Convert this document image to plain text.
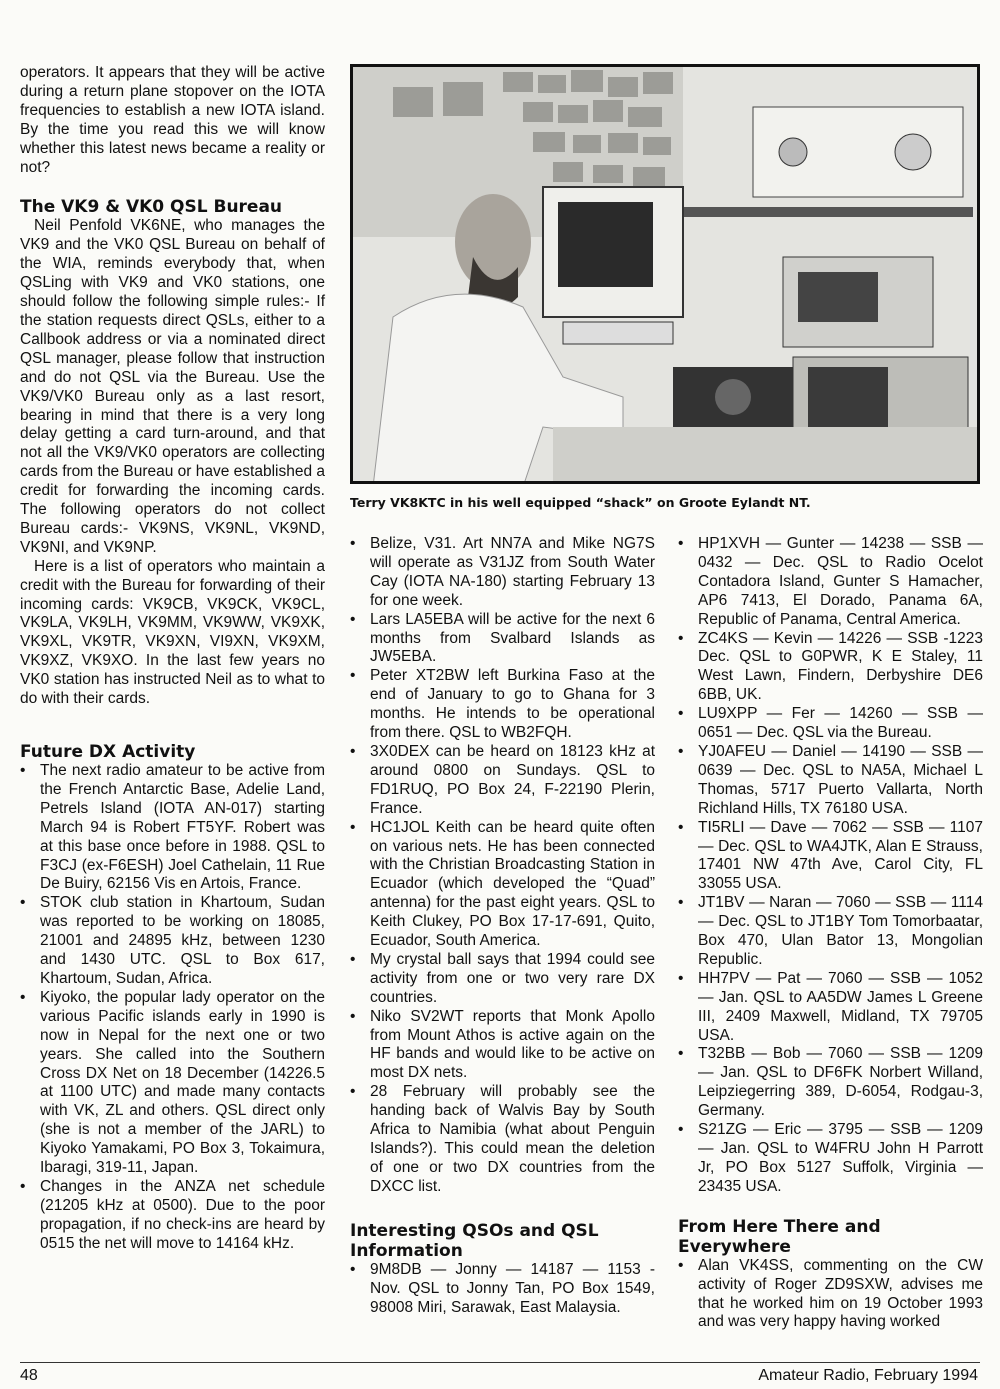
operators. It appears that they will be active during a return plane stopover on the IOTA frequencies to establish a new IOTA island. By the time you read this we will know whether this latest news became a reality or not?

The VK9 & VK0 QSL Bureau

Neil Penfold VK6NE, who manages the VK9 and the VK0 QSL Bureau on behalf of the WIA, reminds everybody that, when QSLing with VK9 and VK0 stations, one should follow the following simple rules:- If the station requests direct QSLs, either to a Callbook address or via a nominated direct QSL manager, please follow that instruction and do not QSL via the Bureau. Use the VK9/VK0 Bureau only as a last resort, bearing in mind that there is a very long delay getting a card turn-around, and that not all the VK9/VK0 operators are collecting cards from the Bureau or have established a credit for forwarding the incoming cards. The following operators do not collect Bureau cards:- VK9NS, VK9NL, VK9ND, VK9NI, and VK9NP.

Here is a list of operators who maintain a credit with the Bureau for forwarding of their incoming cards: VK9CB, VK9CK, VK9CL, VK9LA, VK9LH, VK9MM, VK9WW, VK9XK, VK9XL, VK9TR, VK9XN, VI9XN, VK9XM, VK9XZ, VK9XO. In the last few years no VK0 station has instructed Neil as to what to do with their cards.

Future DX Activity
• The next radio amateur to be active from the French Antarctic Base, Adelie Land, Petrels Island (IOTA AN-017) starting March 94 is Robert FT5YF. Robert was at this base once before in 1988. QSL to F3CJ (ex-F6ESH) Joel Cathelain, 11 Rue De Buiry, 62156 Vis en Artois, France.
• STOK club station in Khartoum, Sudan was reported to be working on 18085, 21001 and 24895 kHz, between 1230 and 1430 UTC. QSL to Box 617, Khartoum, Sudan, Africa.
• Kiyoko, the popular lady operator on the various Pacific islands early in 1990 is now in Nepal for the next one or two years. She called into the Southern Cross DX Net on 18 December (14226.5 at 1100 UTC) and made many contacts with VK, ZL and others. QSL direct only (she is not a member of the JARL) to Kiyoko Yamakami, PO Box 3, Tokaimura, Ibaragi, 319-11, Japan.
• Changes in the ANZA net schedule (21205 kHz at 0500). Due to the poor propagation, if no check-ins are heard by 0515 the net will move to 14164 kHz.
Terry VK8KTC in his well equipped “shack” on Groote Eylandt NT.
• Belize, V31. Art NN7A and Mike NG7S will operate as V31JZ from South Water Cay (IOTA NA-180) starting February 13 for one week.
• Lars LA5EBA will be active for the next 6 months from Svalbard Islands as JW5EBA.
• Peter XT2BW left Burkina Faso at the end of January to go to Ghana for 3 months. He intends to be operational from there. QSL to WB2FQH.
• 3X0DEX can be heard on 18123 kHz at around 0800 on Sundays. QSL to FD1RUQ, PO Box 24, F-22190 Plerin, France.
• HC1JOL Keith can be heard quite often on various nets. He has been connected with the Christian Broadcasting Station in Ecuador (which developed the “Quad” antenna) for the past eight years. QSL to Keith Clukey, PO Box 17-17-691, Quito, Ecuador, South America.
• My crystal ball says that 1994 could see activity from one or two very rare DX countries.
• Niko SV2WT reports that Monk Apollo from Mount Athos is active again on the HF bands and would like to be active on most DX nets.
• 28 February will probably see the handing back of Walvis Bay by South Africa to Namibia (what about Penguin Islands?). This could mean the deletion of one or two DX countries from the DXCC list.
Interesting QSOs and QSL Information
• 9M8DB — Jonny — 14187 — 1153 - Nov. QSL to Jonny Tan, PO Box 1549, 98008 Miri, Sarawak, East Malaysia.
• HP1XVH — Gunter — 14238 — SSB — 0432 — Dec. QSL to Radio Ocelot Contadora Island, Gunter S Hamacher, AP6 7413, El Dorado, Panama 6A, Republic of Panama, Central America.
• ZC4KS — Kevin — 14226 — SSB -1223 Dec. QSL to G0PWR, K E Staley, 11 West Lawn, Findern, Derbyshire DE6 6BB, UK.
• LU9XPP — Fer — 14260 — SSB — 0651 — Dec. QSL via the Bureau.
• YJ0AFEU — Daniel — 14190 — SSB — 0639 — Dec. QSL to NA5A, Michael L Thomas, 5717 Puerto Vallarta, North Richland Hills, TX 76180 USA.
• TI5RLI — Dave — 7062 — SSB — 1107 — Dec. QSL to WA4JTK, Alan E Strauss, 17401 NW 47th Ave, Carol City, FL 33055 USA.
• JT1BV — Naran — 7060 — SSB — 1114 — Dec. QSL to JT1BY Tom Tomorbaatar, Box 470, Ulan Bator 13, Mongolian Republic.
• HH7PV — Pat — 7060 — SSB — 1052 — Jan. QSL to AA5DW James L Greene III, 2409 Maxwell, Midland, TX 79705 USA.
• T32BB — Bob — 7060 — SSB — 1209 — Jan. QSL to DF6FK Norbert Willand, Leipziegerring 389, D-6054, Rodgau-3, Germany.
• S21ZG — Eric — 3795 — SSB — 1209 — Jan. QSL to W4FRU John H Parrott Jr, PO Box 5127 Suffolk, Virginia — 23435 USA.
From Here There and Everywhere
• Alan VK4SS, commenting on the CW activity of Roger ZD9SXW, advises me that he worked him on 19 October 1993 and was very happy having worked
48	Amateur Radio, February 1994
